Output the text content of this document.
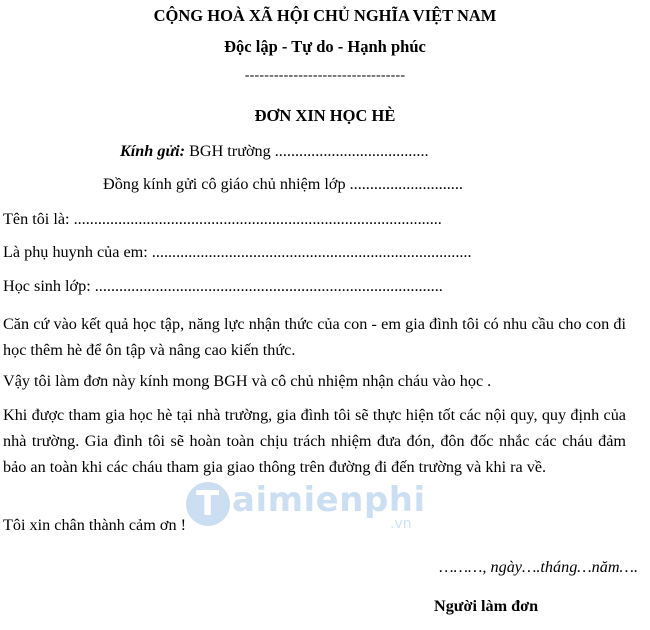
T aimienphi
.vn
CỘNG HOÀ XÃ HỘI CHỦ NGHĨA VIỆT NAM
Độc lập - Tự do - Hạnh phúc
---------------------------------
ĐƠN XIN HỌC HÈ
Kính gửi: BGH trường ......................................
Đồng kính gửi cô giáo chủ nhiệm lớp ............................
Tên tôi là: ...........................................................................................
Là phụ huynh của em: ...............................................................................
Học sinh lớp: ......................................................................................
Căn cứ vào kết quả học tập, năng lực nhận thức của con - em gia đình tôi có nhu cầu cho con đi học thêm hè để ôn tập và nâng cao kiến thức.
Vậy tôi làm đơn này kính mong BGH và cô chủ nhiệm nhận cháu vào học .
Khi được tham gia học hè tại nhà trường, gia đình tôi sẽ thực hiện tốt các nội quy, quy định của nhà trường. Gia đình tôi sẽ hoàn toàn chịu trách nhiệm đưa đón, đôn đốc nhắc các cháu đảm bảo an toàn khi các cháu tham gia giao thông trên đường đi đến trường và khi ra về.
Tôi xin chân thành cảm ơn !
………, ngày….tháng…năm….
Người làm đơn
